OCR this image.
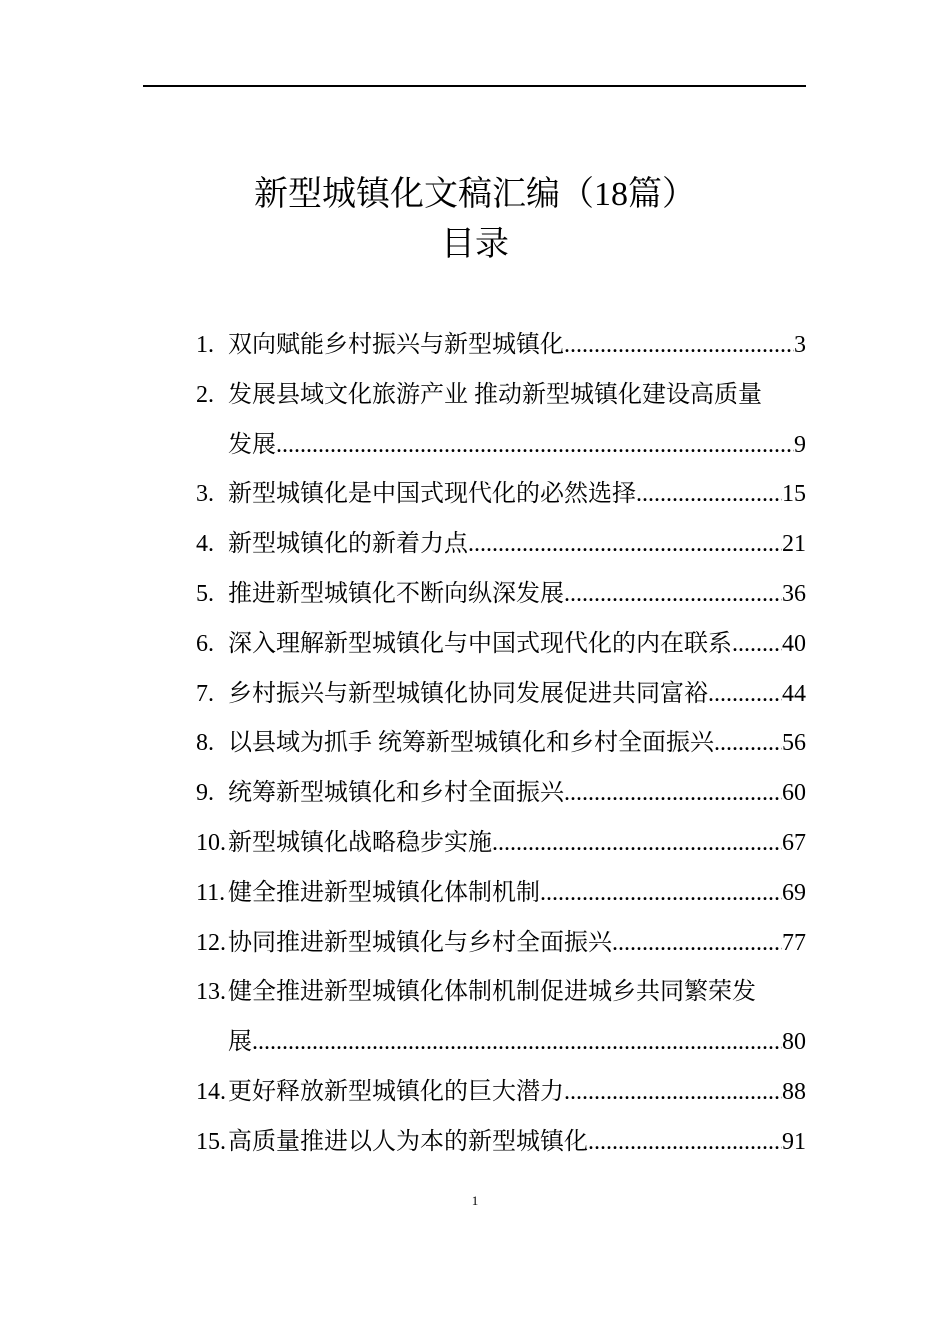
新型城镇化文稿汇编（18篇）
目录
1. 双向赋能乡村振兴与新型城镇化 .....	3
2. 发展县域文化旅游产业 推动新型城镇化建设高质量
发展 .....	9
3. 新型城镇化是中国式现代化的必然选择 .....	15
4. 新型城镇化的新着力点 .....	21
5. 推进新型城镇化不断向纵深发展 .....	36
6. 深入理解新型城镇化与中国式现代化的内在联系 ..... 40
7. 乡村振兴与新型城镇化协同发展促进共同富裕 .....	44
8. 以县域为抓手 统筹新型城镇化和乡村全面振兴 .....	56
9. 统筹新型城镇化和乡村全面振兴 .....	60
10. 新型城镇化战略稳步实施 .....	67
11. 健全推进新型城镇化体制机制 .....	69
12. 协同推进新型城镇化与乡村全面振兴 .....	77
13. 健全推进新型城镇化体制机制促进城乡共同繁荣发
展 .....	80
14. 更好释放新型城镇化的巨大潜力 .....	88
15. 高质量推进以人为本的新型城镇化 .....	91
1
